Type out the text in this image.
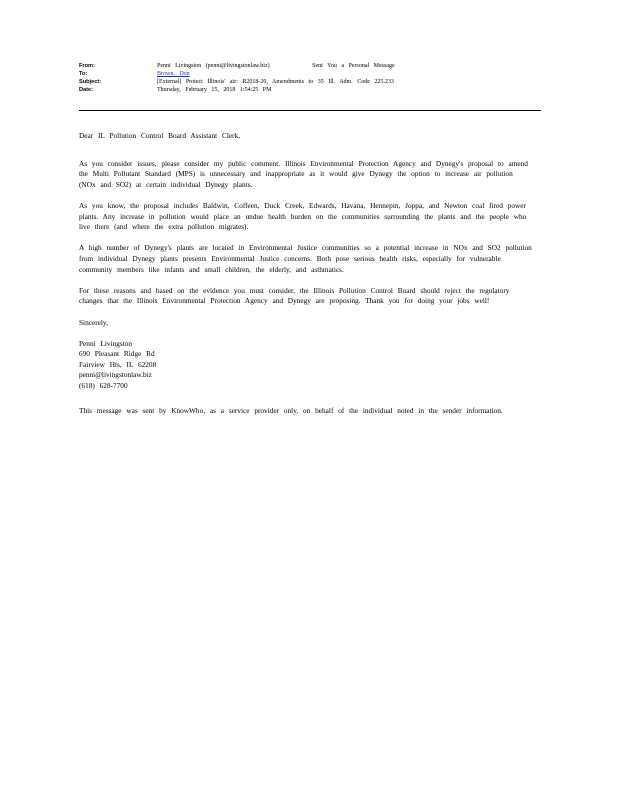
From:	Penni Livingston (penni@livingstonlaw.biz)	Sent You a Personal Message
To:	Brown, Don
Subject:	[External] Protect Illinois' air: R2018-20, Amendments to 35 Ill. Adm. Code 225.233
Date:	Thursday, February 15, 2018 1:54:25 PM

Dear IL Pollution Control Board Assistant Clerk,

As you consider issues, please consider my public comment. Illinois Environmental Protection Agency and Dynegy's proposal to amend the Multi Pollutant Standard (MPS) is unnecessary and inappropriate as it would give Dynegy the option to increase air pollution (NOx and SO2) at certain individual Dynegy plants.

As you know, the proposal includes Baldwin, Coffeen, Duck Creek, Edwards, Havana, Hennepin, Joppa, and Newton coal fired power plants. Any increase in pollution would place an undue health burden on the communities surrounding the plants and the people who live there (and where the extra pollution migrates).

A high number of Dynegy's plants are located in Environmental Justice communities so a potential increase in NOx and SO2 pollution from individual Dynegy plants presents Environmental Justice concerns. Both pose serious health risks, especially for vulnerable community members like infants and small children, the elderly, and asthmatics.

For these reasons and based on the evidence you must consider, the Illinois Pollution Control Board should reject the regulatory changes that the Illinois Environmental Protection Agency and Dynegy are proposing. Thank you for doing your jobs well!

Sincerely,

Penni Livingston
690 Pleasant Ridge Rd
Fairview Hts, IL 62208
penni@livingstonlaw.biz
(618) 628-7700

This message was sent by KnowWho, as a service provider only, on behalf of the individual noted in the sender information.
